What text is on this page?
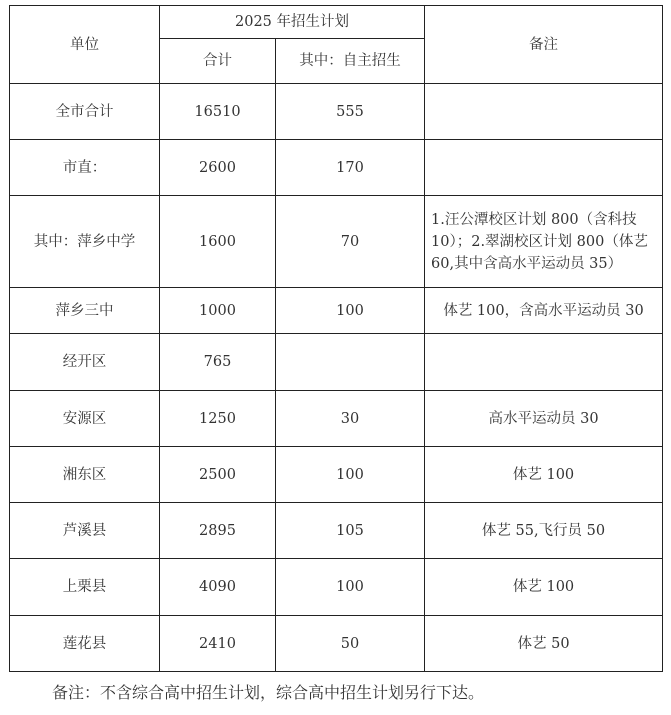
单位	2025 年招生计划		备注
	合计	其中：自主招生	
全市合计	16510	555	
市直：	2600	170	
其中：萍乡中学	1600	70	1.汪公潭校区计划 800（含科技 10）；2.翠湖校区计划 800（体艺 60,其中含高水平运动员 35）
萍乡三中	1000	100	体艺 100，含高水平运动员 30
经开区	765		
安源区	1250	30	高水平运动员 30
湘东区	2500	100	体艺 100
芦溪县	2895	105	体艺 55,飞行员 50
上栗县	4090	100	体艺 100
莲花县	2410	50	体艺 50
备注：不含综合高中招生计划，综合高中招生计划另行下达。
